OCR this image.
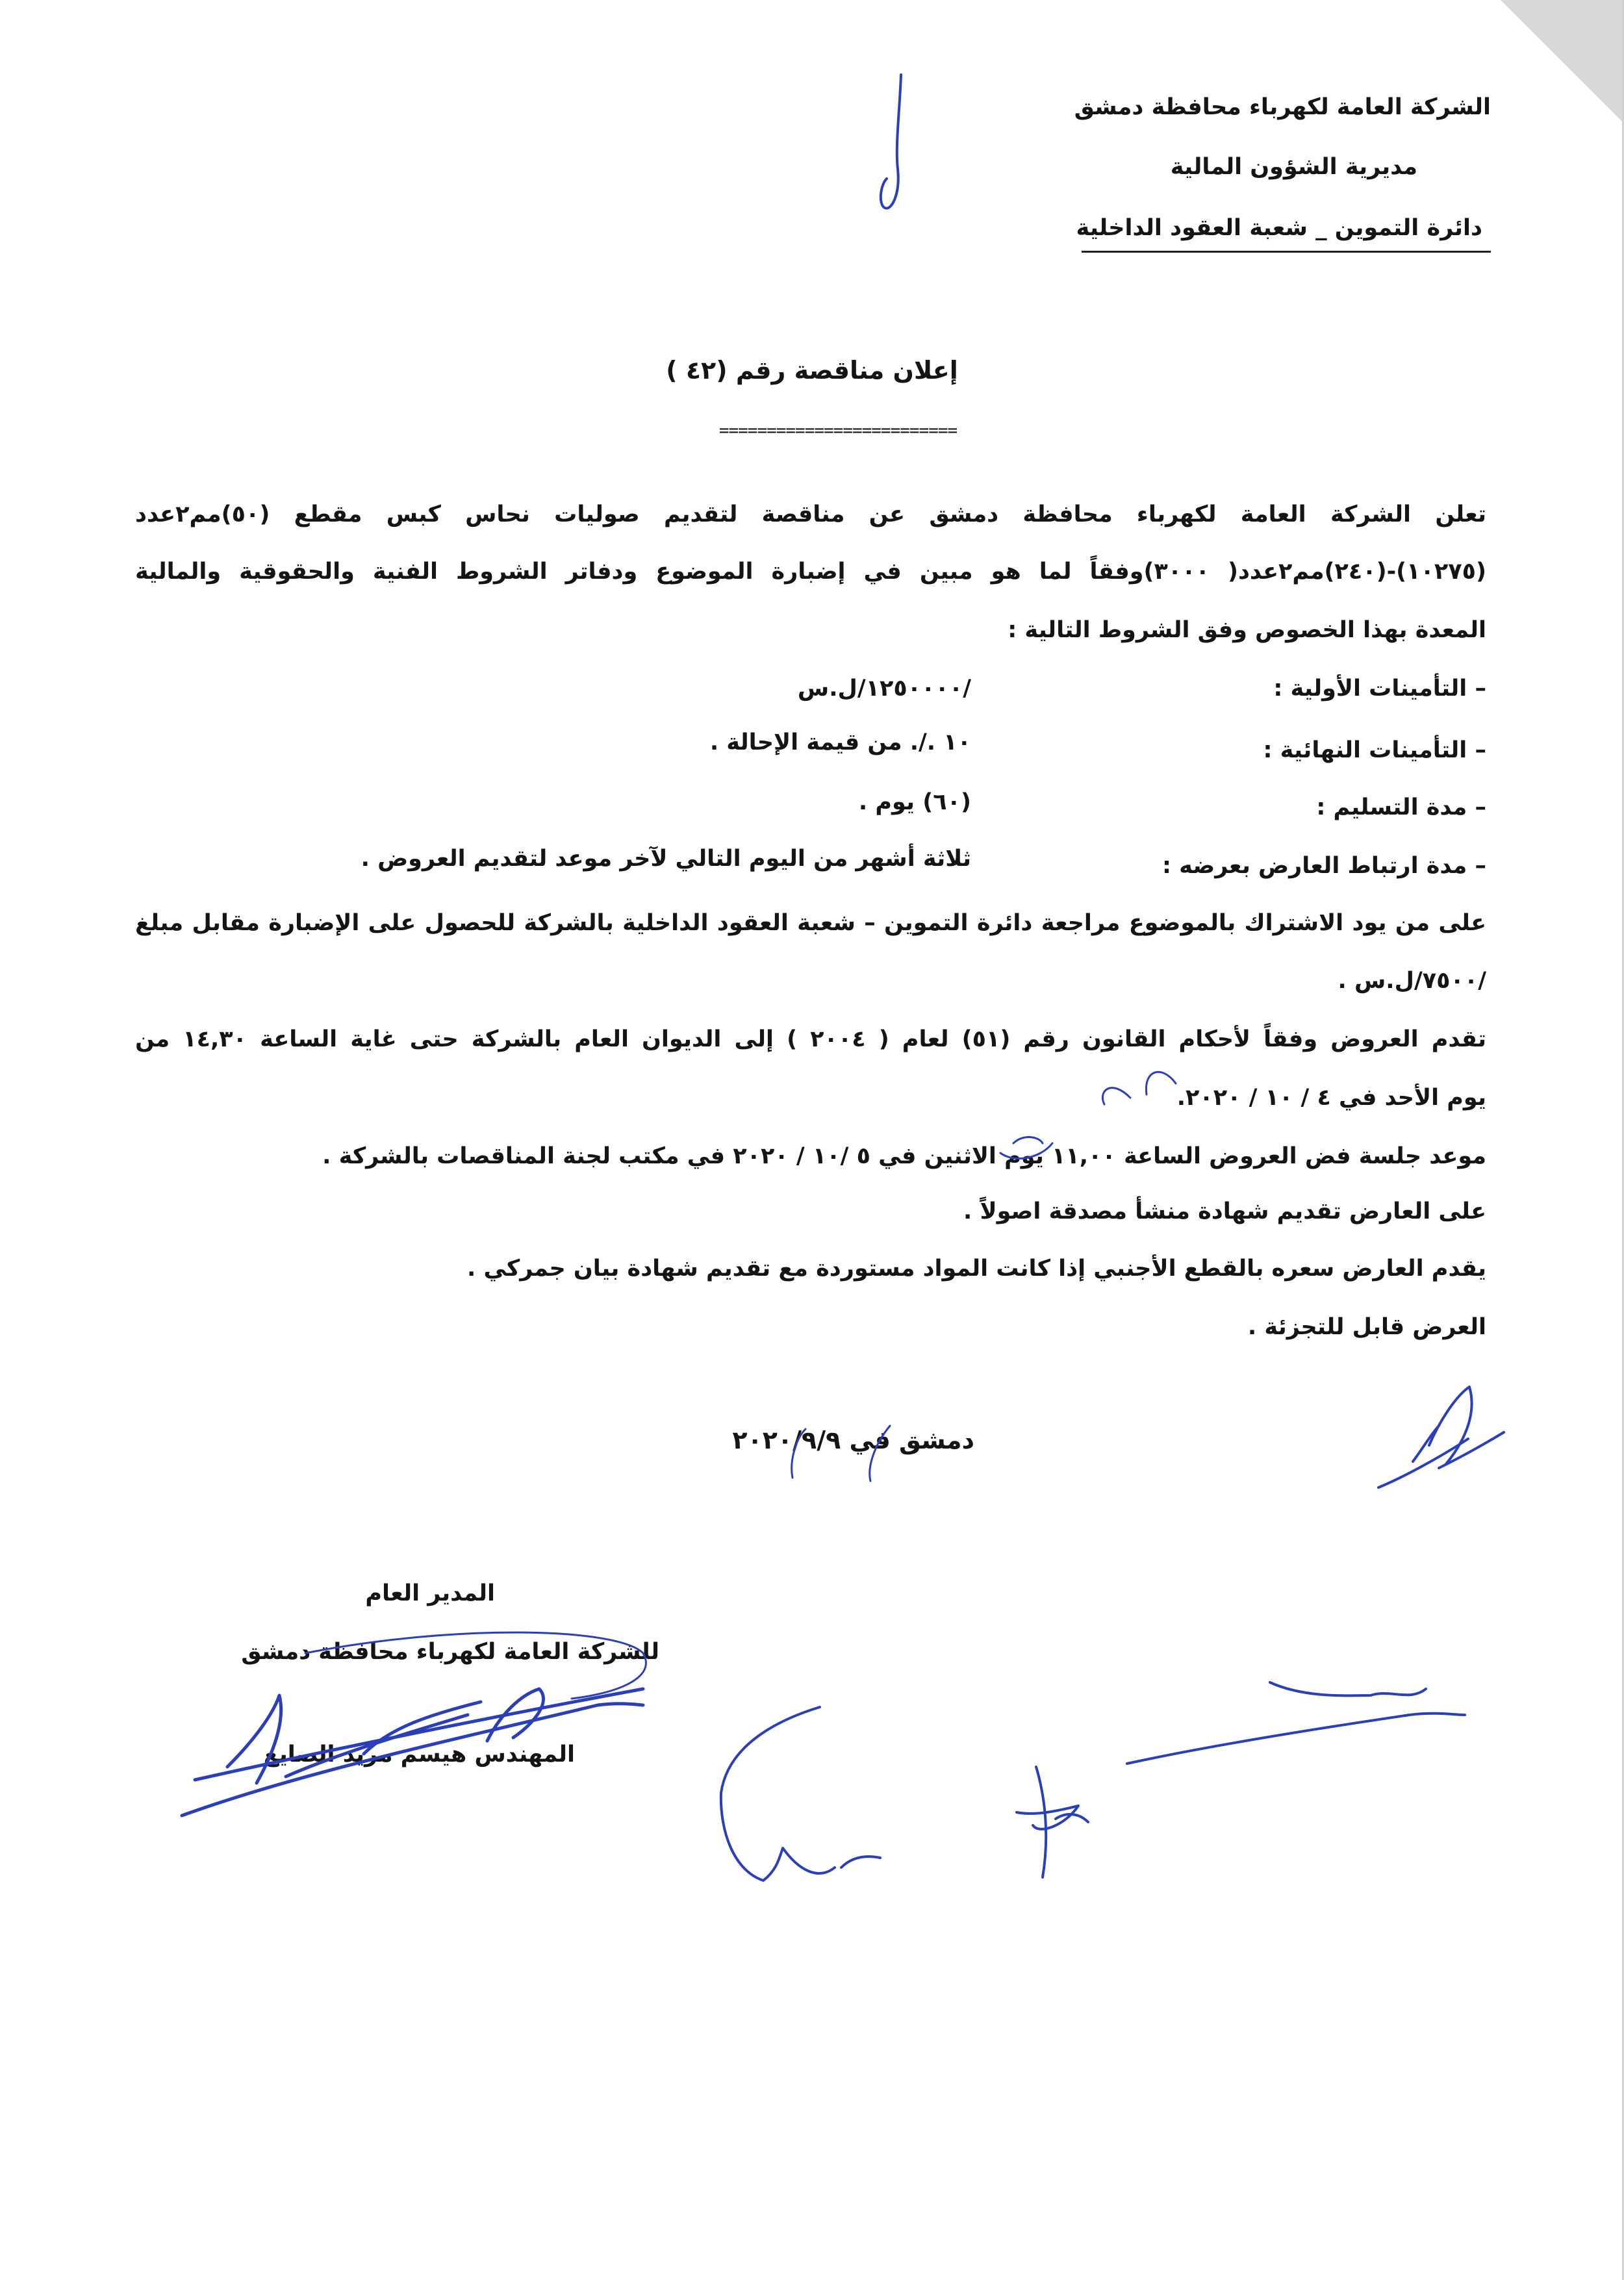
الشركة العامة لكهرباء محافظة دمشق
مديرية الشؤون المالية
دائرة التموين _ شعبة العقود الداخلية
إعلان مناقصة رقم (٤٢ )
=========================
تعلن الشركة العامة لكهرباء محافظة دمشق عن مناقصة لتقديم صوليات نحاس كبس مقطع (٥٠)مم٢عدد
(١٠٢٧٥)-(٢٤٠)مم٢عدد( ٣٠٠٠)وفقاً لما هو مبين في إضبارة الموضوع ودفاتر الشروط الفنية والحقوقية والمالية
المعدة بهذا الخصوص وفق الشروط التالية :
– التأمينات الأولية :
/١٢٥٠٠٠٠/ل.س
– التأمينات النهائية :
١٠ ./. من قيمة الإحالة .
– مدة التسليم :
(٦٠) يوم .
– مدة ارتباط العارض بعرضه :
ثلاثة أشهر من اليوم التالي لآخر موعد لتقديم العروض .
على من يود الاشتراك بالموضوع مراجعة دائرة التموين – شعبة العقود الداخلية بالشركة للحصول على الإضبارة مقابل مبلغ
/٧٥٠٠/ل.س .
تقدم العروض وفقاً لأحكام القانون رقم (٥١) لعام ( ٢٠٠٤ ) إلى الديوان العام بالشركة حتى غاية الساعة ١٤,٣٠ من
يوم الأحد في ٤ / ١٠ / ٢٠٢٠.
موعد جلسة فض العروض الساعة ١١,٠٠ يوم الاثنين في ٥ /١٠ / ٢٠٢٠ في مكتب لجنة المناقصات بالشركة .
على العارض تقديم شهادة منشأ مصدقة اصولاً .
يقدم العارض سعره بالقطع الأجنبي إذا كانت المواد مستوردة مع تقديم شهادة بيان جمركي .
العرض قابل للتجزئة .
دمشق في ٢٠٢٠/٩/٩
المدير العام
للشركة العامة لكهرباء محافظة دمشق
المهندس هيسم مريد الصايع
